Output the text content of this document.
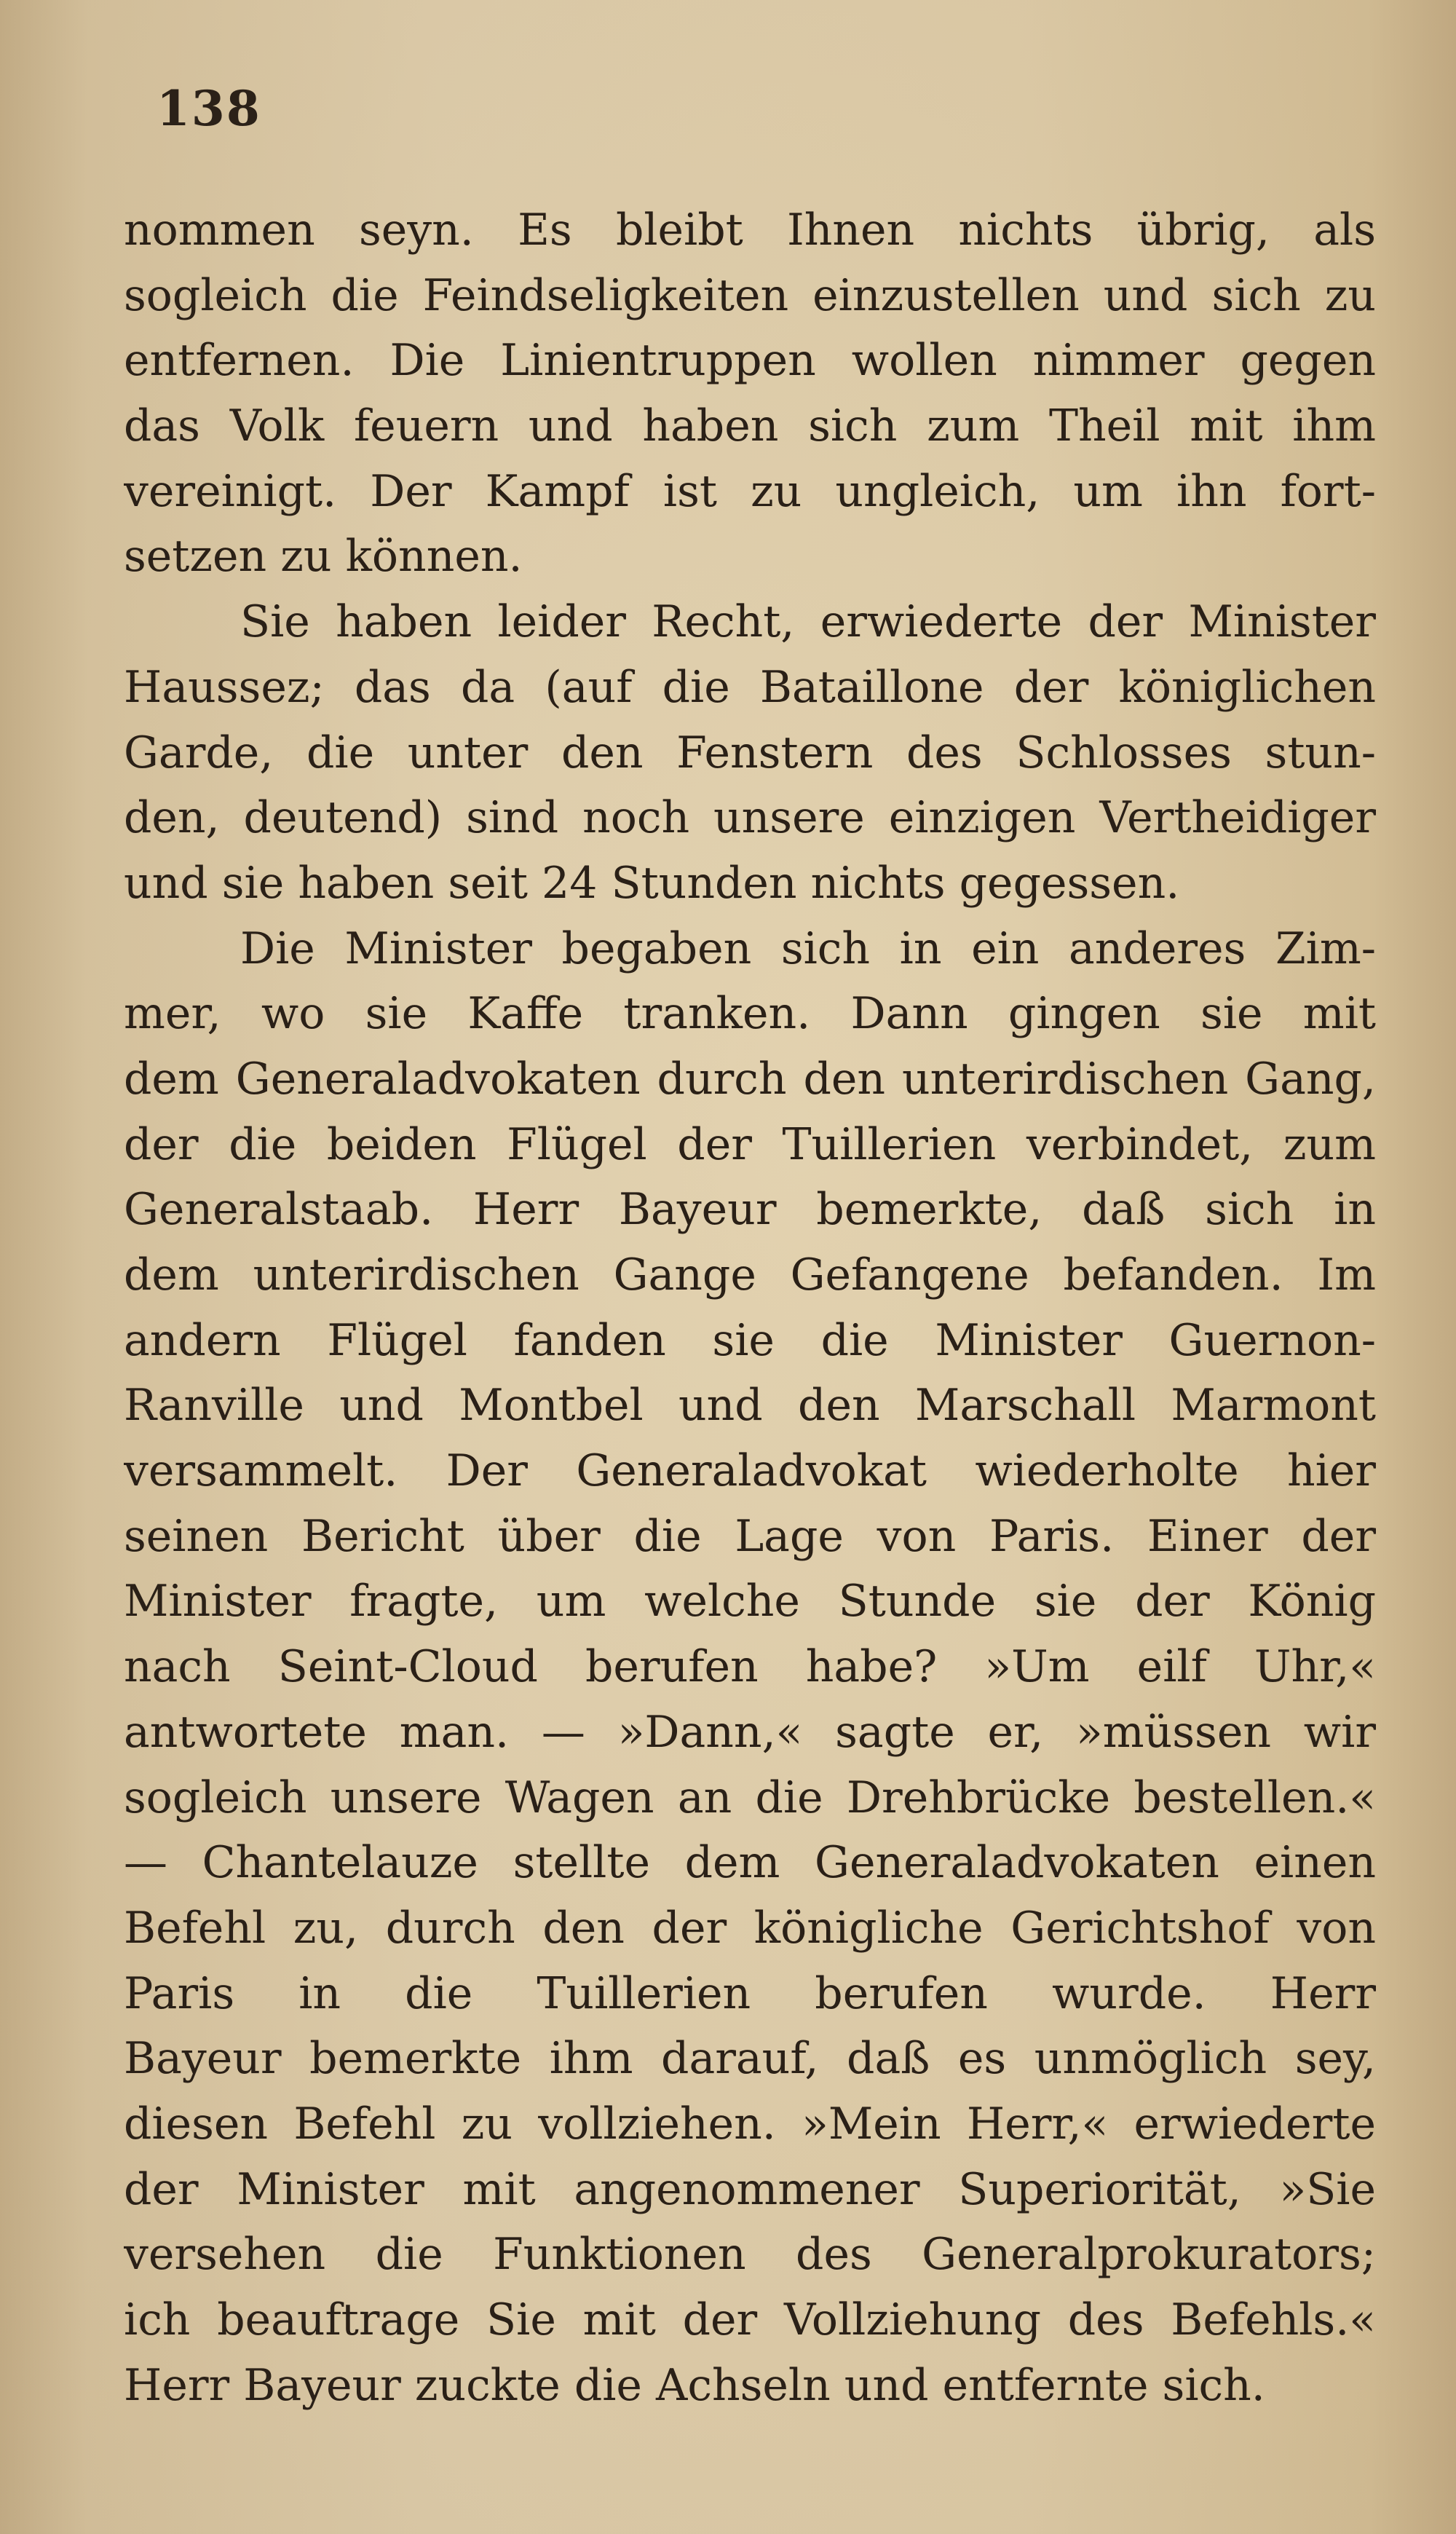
138
nommen seyn. Es bleibt Ihnen nichts übrig, als
sogleich die Feindseligkeiten einzustellen und sich zu
entfernen. Die Linientruppen wollen nimmer gegen
das Volk feuern und haben sich zum Theil mit ihm
vereinigt. Der Kampf ist zu ungleich, um ihn fort-
setzen zu können.
Sie haben leider Recht, erwiederte der Minister
Haussez; das da (auf die Bataillone der königlichen
Garde, die unter den Fenstern des Schlosses stun-
den, deutend) sind noch unsere einzigen Vertheidiger
und sie haben seit 24 Stunden nichts gegessen.
Die Minister begaben sich in ein anderes Zim-
mer, wo sie Kaffe tranken. Dann gingen sie mit
dem Generaladvokaten durch den unterirdischen Gang,
der die beiden Flügel der Tuillerien verbindet, zum
Generalstaab. Herr Bayeur bemerkte, daß sich in
dem unterirdischen Gange Gefangene befanden. Im
andern Flügel fanden sie die Minister Guernon-
Ranville und Montbel und den Marschall Marmont
versammelt. Der Generaladvokat wiederholte hier
seinen Bericht über die Lage von Paris. Einer der
Minister fragte, um welche Stunde sie der König
nach Seint-Cloud berufen habe? »Um eilf Uhr,«
antwortete man. — »Dann,« sagte er, »müssen wir
sogleich unsere Wagen an die Drehbrücke bestellen.«
— Chantelauze stellte dem Generaladvokaten einen
Befehl zu, durch den der königliche Gerichtshof von
Paris in die Tuillerien berufen wurde. Herr
Bayeur bemerkte ihm darauf, daß es unmöglich sey,
diesen Befehl zu vollziehen. »Mein Herr,« erwiederte
der Minister mit angenommener Superiorität, »Sie
versehen die Funktionen des Generalprokurators;
ich beauftrage Sie mit der Vollziehung des Befehls.«
Herr Bayeur zuckte die Achseln und entfernte sich.
